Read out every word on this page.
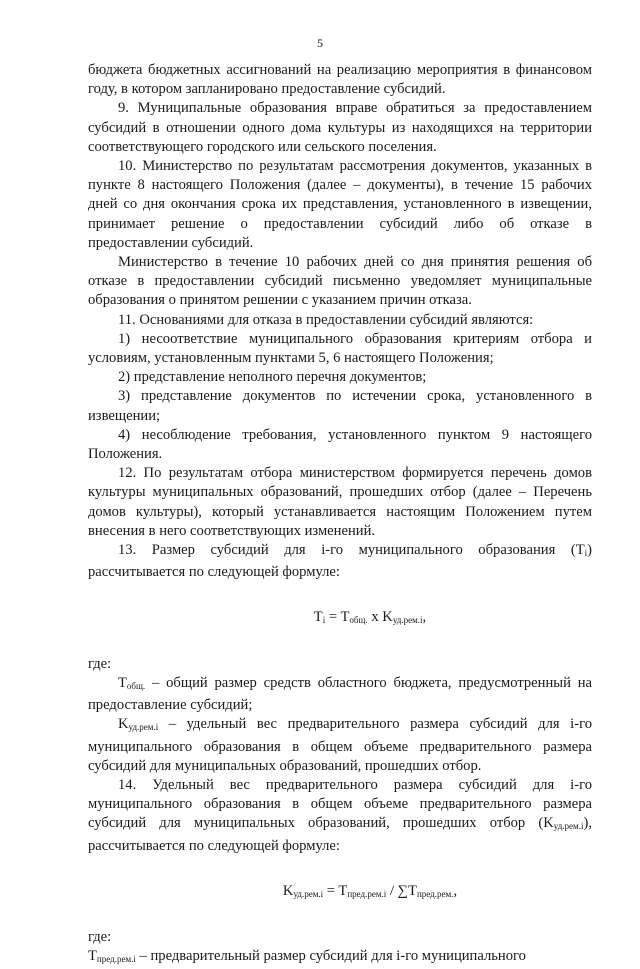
5

бюджета бюджетных ассигнований на реализацию мероприятия в финансовом году, в котором запланировано предоставление субсидий.

9. Муниципальные образования вправе обратиться за предоставлением субсидий в отношении одного дома культуры из находящихся на территории соответствующего городского или сельского поселения.

10. Министерство по результатам рассмотрения документов, указанных в пункте 8 настоящего Положения (далее – документы), в течение 15 рабочих дней со дня окончания срока их представления, установленного в извещении, принимает решение о предоставлении субсидий либо об отказе в предоставлении субсидий.

Министерство в течение 10 рабочих дней со дня принятия решения об отказе в предоставлении субсидий письменно уведомляет муниципальные образования о принятом решении с указанием причин отказа.

11. Основаниями для отказа в предоставлении субсидий являются:

1) несоответствие муниципального образования критериям отбора и условиям, установленным пунктами 5, 6 настоящего Положения;

2) представление неполного перечня документов;

3) представление документов по истечении срока, установленного в извещении;

4) несоблюдение требования, установленного пунктом 9 настоящего Положения.

12. По результатам отбора министерством формируется перечень домов культуры муниципальных образований, прошедших отбор (далее – Перечень домов культуры), который устанавливается настоящим Положением путем внесения в него соответствующих изменений.

13. Размер субсидий для i-го муниципального образования $(T_i)$ рассчитывается по следующей формуле:

$T_i = T_{общ.}$ x $K_{уд.рем.i}$,

где:

$T_{общ.}$ – общий размер средств областного бюджета, предусмотренный на предоставление субсидий;

$K_{уд.рем.i}$ – удельный вес предварительного размера субсидий для i-го муниципального образования в общем объеме предварительного размера субсидий для муниципальных образований, прошедших отбор.

14. Удельный вес предварительного размера субсидий для i-го муниципального образования в общем объеме предварительного размера субсидий для муниципальных образований, прошедших отбор $(K_{уд.рем.i})$, рассчитывается по следующей формуле:

$K_{уд.рем.i} = T_{пред.рем.i} / \sum T_{пред.рем.}$,

где:

$T_{пред.рем.i}$ – предварительный размер субсидий для i-го муниципального
